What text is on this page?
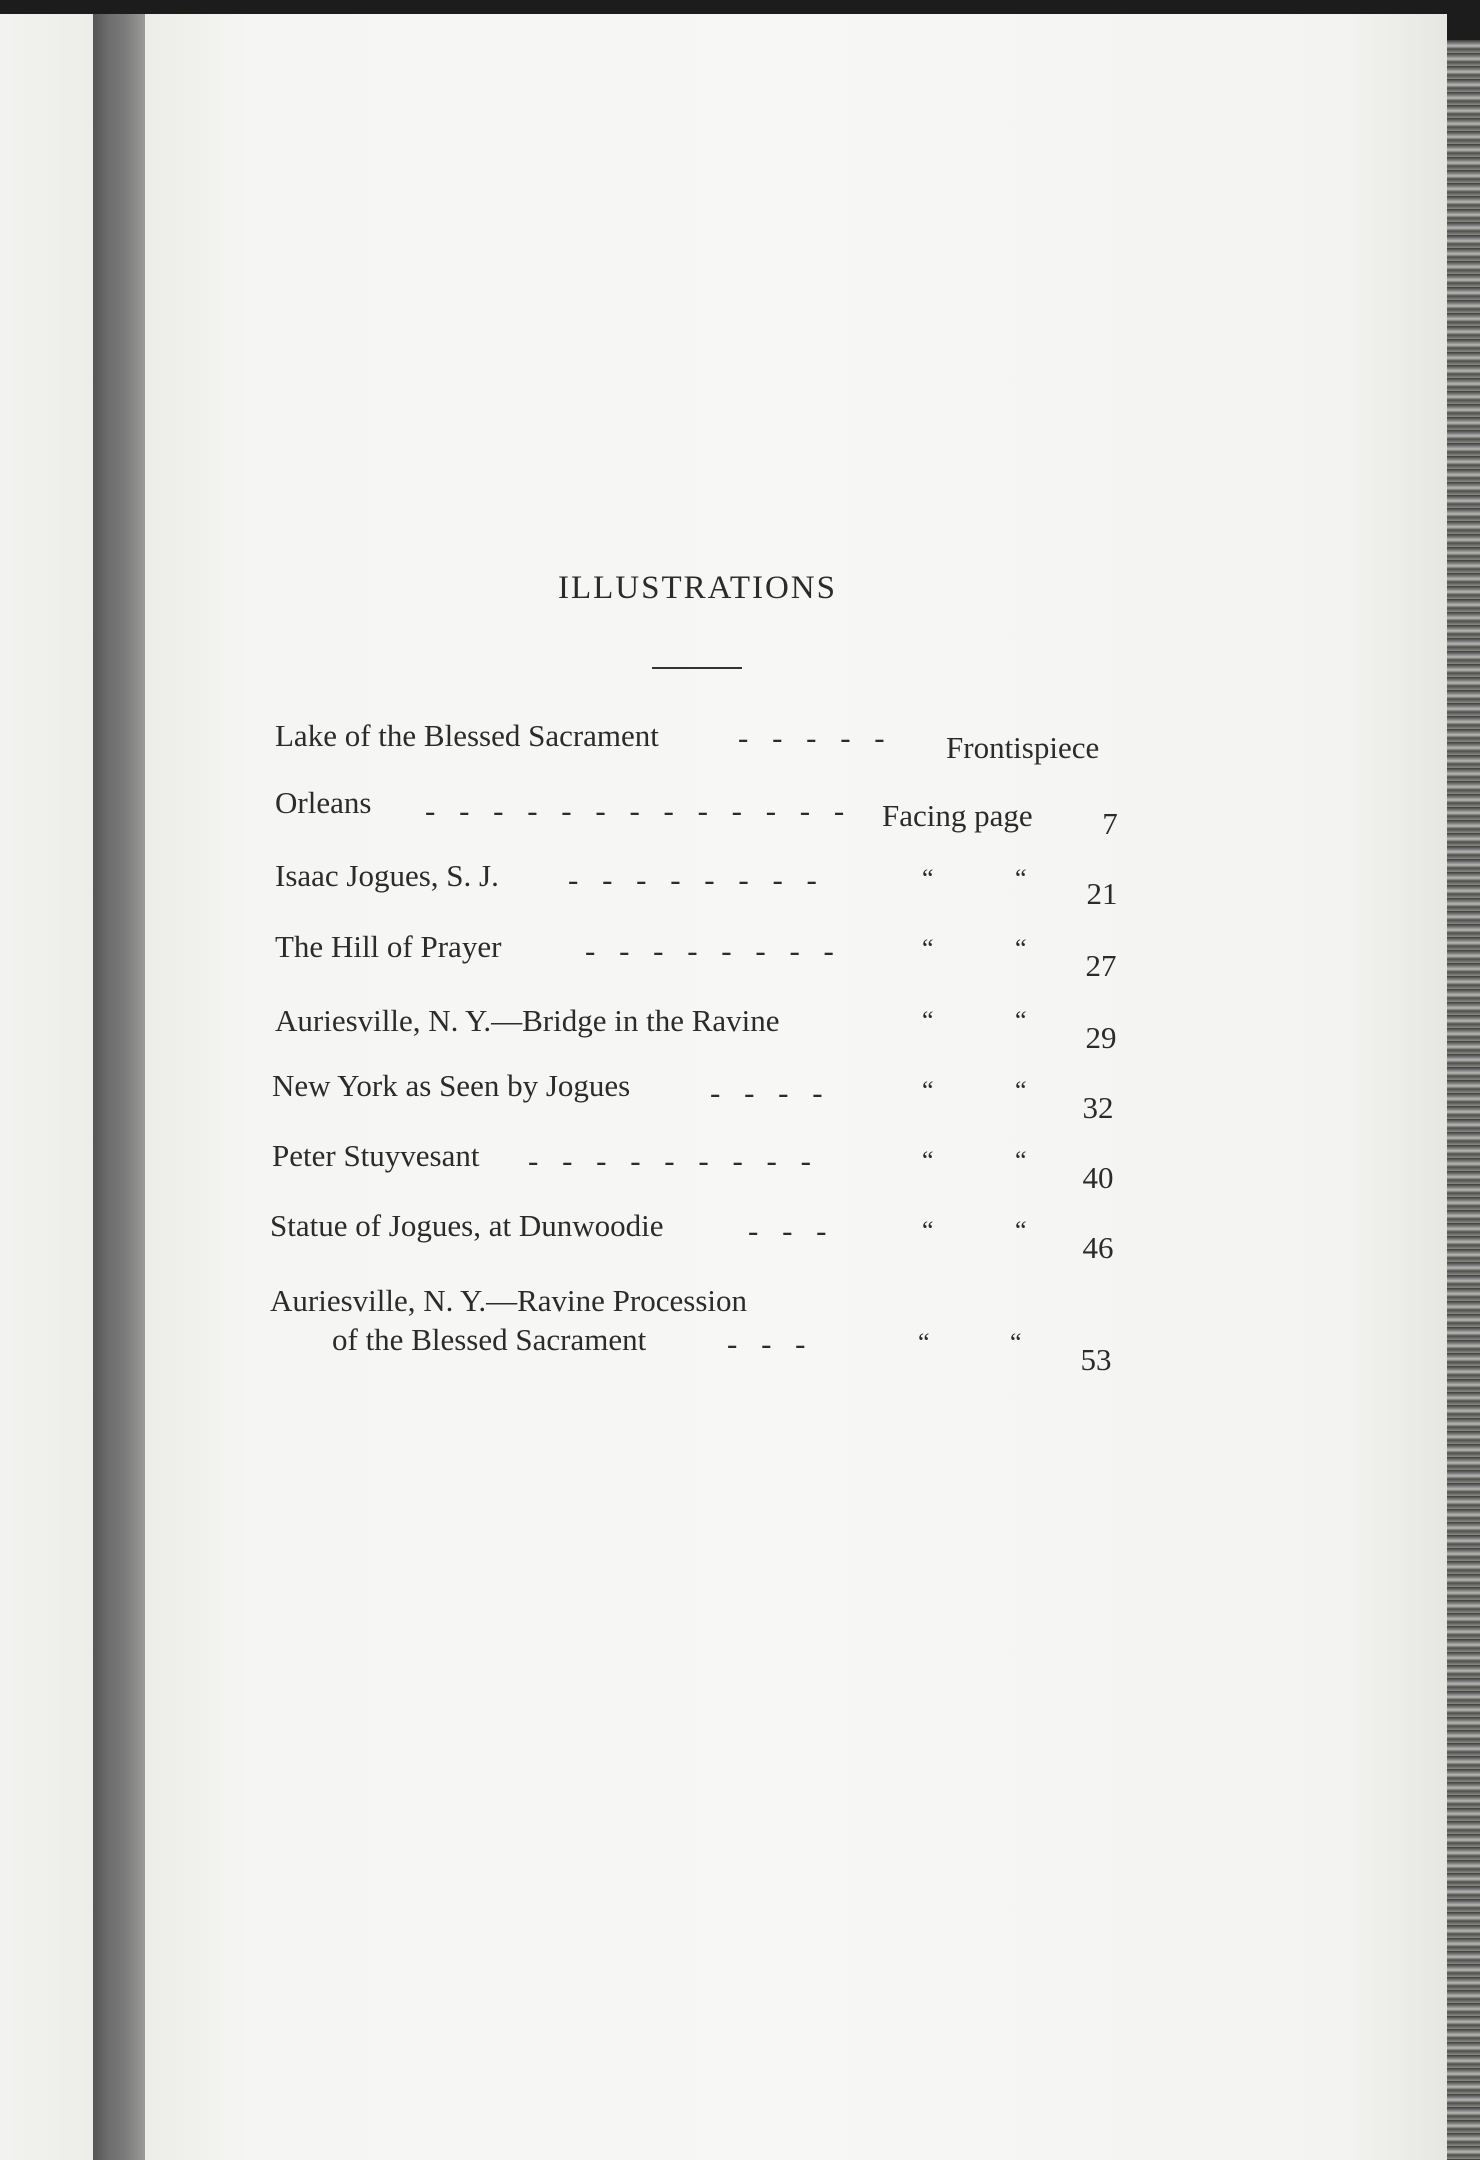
ILLUSTRATIONS
Lake of the Blessed Sacrament	- - - - - Frontispiece
Orleans - - - - - - - - - - - - - Facing page	7
Isaac Jogues, S. J. - - - - - - - -	“	“ 21
The Hill of Prayer	- - - - - - - -	“	“ 27
Auriesville, N. Y.—Bridge in the Ravine	“	“ 29
New York as Seen by Jogues	- - - -	“	“ 32
Peter Stuyvesant - - - - - - - - -	“	“ 40
Statue of Jogues, at Dunwoodie	- - -	“	“ 46
Auriesville, N. Y.—Ravine Procession
of the Blessed Sacrament	- - -	“	“ 53
